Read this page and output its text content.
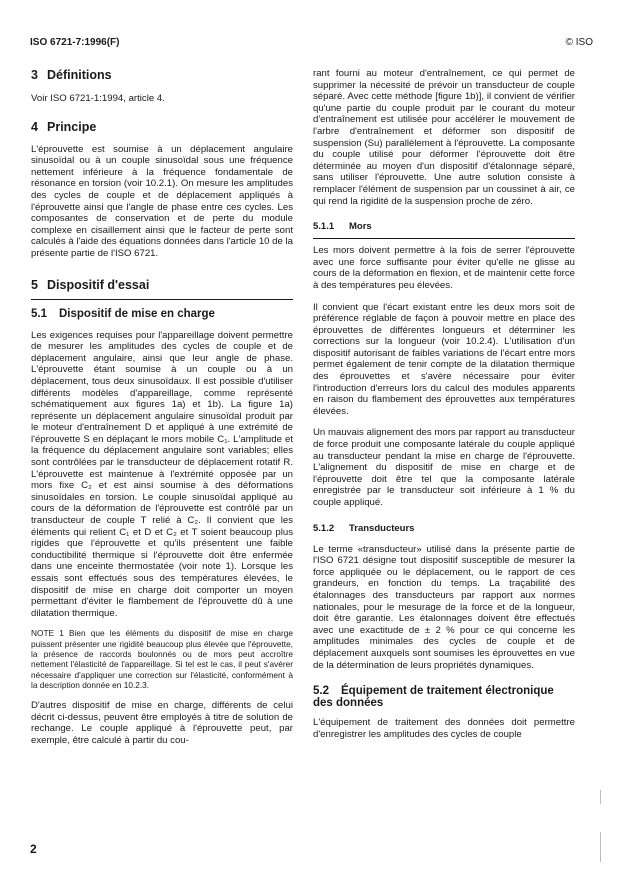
ISO 6721-7:1996(F)	© ISO
3 Définitions

Voir ISO 6721-1:1994, article 4.

4 Principe

L'éprouvette est soumise à un déplacement angulaire sinusoïdal ou à un couple sinusoïdal sous une fréquence nettement inférieure à la fréquence fondamentale de résonance en torsion (voir 10.2.1). On mesure les amplitudes des cycles de couple et de déplacement appliqués à l'éprouvette ainsi que l'angle de phase entre ces cycles. Les composantes de conservation et de perte du module complexe en cisaillement ainsi que le facteur de perte sont calculés à l'aide des équations données dans l'article 10 de la présente partie de l'ISO 6721.

5 Dispositif d'essai
5.1 Dispositif de mise en charge

Les exigences requises pour l'appareillage doivent permettre de mesurer les amplitudes des cycles de couple et de déplacement angulaire, ainsi que leur angle de phase. L'éprouvette étant soumise à un couple ou à un déplacement, tous deux sinusoïdaux. Il est possible d'utiliser différents modèles d'appareillage, comme représenté schématiquement aux figures 1a) et 1b). La figure 1a) représente un déplacement angulaire sinusoïdal produit par le moteur d'entraînement D et appliqué à une extrémité de l'éprouvette S en déplaçant le mors mobile C₁. L'amplitude et la fréquence du déplacement angulaire sont variables; elles sont contrôlées par le transducteur de déplacement rotatif R. L'éprouvette est maintenue à l'extrémité opposée par un mors fixe C₂ et est ainsi soumise à des déformations sinusoïdales en torsion. Le couple sinusoïdal appliqué au cours de la déformation de l'éprouvette est contrôlé par un transducteur de couple T relié à C₂. Il convient que les éléments qui relient C₁ et D et C₂ et T soient beaucoup plus rigides que l'éprouvette et qu'ils présentent une faible conductibilité thermique si l'éprouvette doit être enfermée dans une enceinte thermostatée (voir note 1). Lorsque les essais sont effectués sous des températures élevées, le dispositif de mise en charge doit comporter un moyen permettant d'éviter le flambement de l'éprouvette dû à une dilatation thermique.

NOTE 1 Bien que les éléments du dispositif de mise en charge puissent présenter une rigidité beaucoup plus élevée que l'éprouvette, la présence de raccords boulonnés ou de mors peut accroître nettement l'élasticité de l'appareillage. Si tel est le cas, il peut s'avérer nécessaire d'appliquer une correction sur l'élasticité, conformément à la description donnée en 10.2.3.

D'autres dispositif de mise en charge, différents de celui décrit ci-dessus, peuvent être employés à titre de solution de rechange. Le couple appliqué à l'éprouvette peut, par exemple, être calculé à partir du cou-

rant fourni au moteur d'entraînement, ce qui permet de supprimer la nécessité de prévoir un transducteur de couple séparé. Avec cette méthode [figure 1b)], il convient de vérifier qu'une partie du couple produit par le courant du moteur d'entraînement est utilisée pour accélérer le mouvement de l'arbre d'entraînement et déformer son dispositif de suspension (Su) parallèlement à l'éprouvette. La composante du couple utilisé pour déformer l'éprouvette doit être déterminée au moyen d'un dispositif d'étalonnage séparé, sans utiliser l'éprouvette. Une autre solution consiste à remplacer l'élément de suspension par un coussinet à air, ce qui rend la rigidité de la suspension proche de zéro.

5.1.1 Mors

Les mors doivent permettre à la fois de serrer l'éprouvette avec une force suffisante pour éviter qu'elle ne glisse au cours de la déformation en flexion, et de maintenir cette force à des températures peu élevées.

Il convient que l'écart existant entre les deux mors soit de préférence réglable de façon à pouvoir mettre en place des éprouvettes de différentes longueurs et déterminer les corrections sur la longueur (voir 10.2.4). L'utilisation d'un dispositif autorisant de faibles variations de l'écart entre mors permet également de tenir compte de la dilatation thermique des éprouvettes et s'avère nécessaire pour éviter l'introduction d'erreurs lors du calcul des modules apparents en raison du flambement des éprouvettes aux températures élevées.

Un mauvais alignement des mors par rapport au transducteur de force produit une composante latérale du couple appliqué au transducteur pendant la mise en charge de l'éprouvette. L'alignement du dispositif de mise en charge et de l'éprouvette doit être tel que la composante latérale enregistrée par le transducteur soit inférieure à 1 % du couple appliqué.

5.1.2 Transducteurs

Le terme «transducteur» utilisé dans la présente partie de l'ISO 6721 désigne tout dispositif susceptible de mesurer la force appliquée ou le déplacement, ou le rapport de ces grandeurs, en fonction du temps. La traçabilité des étalonnages des transducteurs par rapport aux normes nationales, pour le mesurage de la force et de la longueur, doit être garantie. Les étalonnages doivent être effectués avec une exactitude de ± 2 % pour ce qui concerne les amplitudes minimales des cycles de couple et de déplacement auxquels sont soumises les éprouvettes en vue de la détermination de leurs propriétés dynamiques.

5.2 Équipement de traitement électronique des données

L'équipement de traitement des données doit permettre d'enregistrer les amplitudes des cycles de couple

2
